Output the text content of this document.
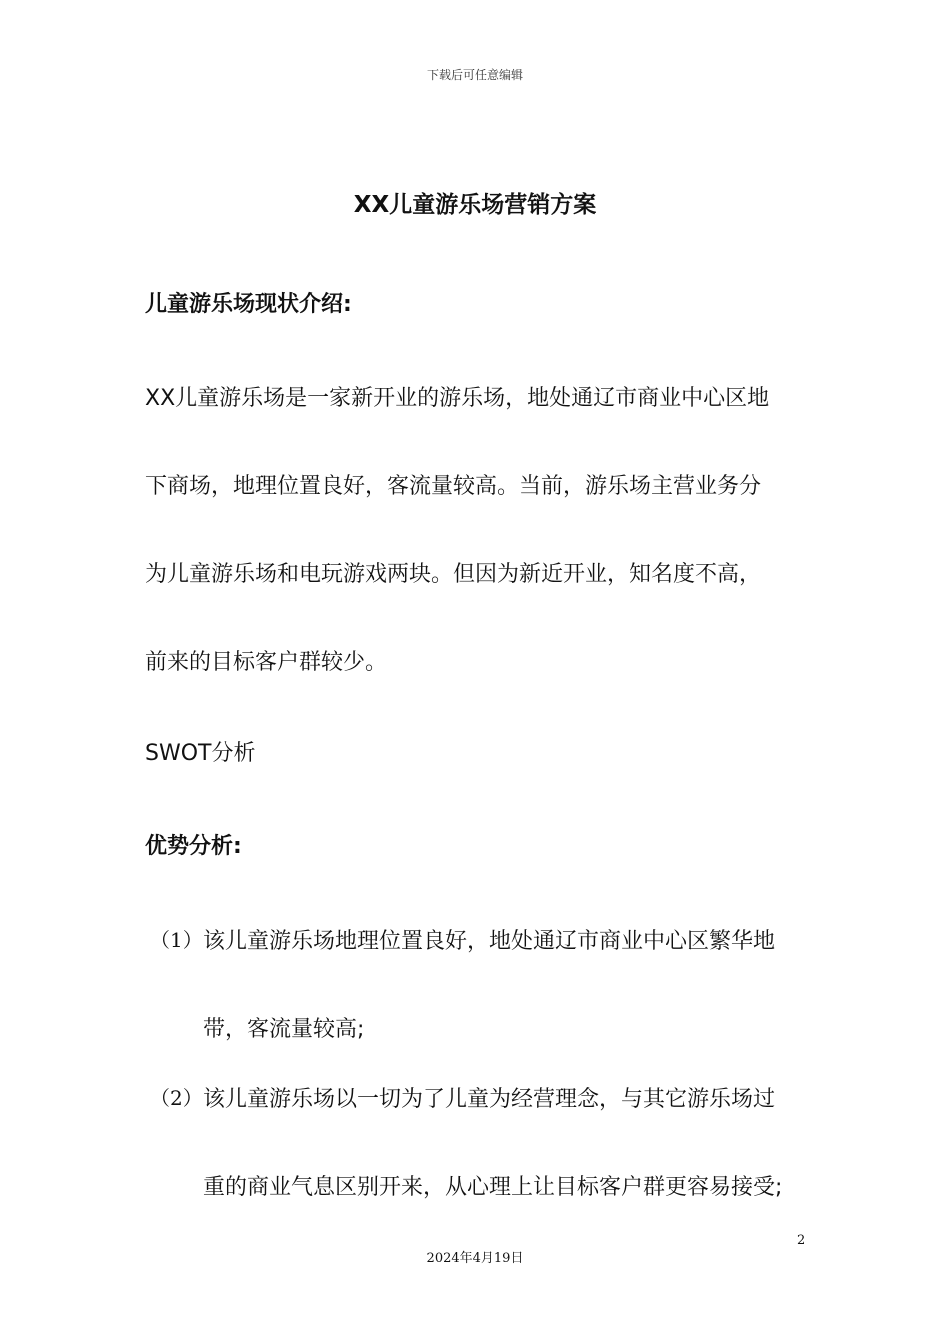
下载后可任意编辑
XX儿童游乐场营销方案
儿童游乐场现状介绍:
XX儿童游乐场是一家新开业的游乐场，地处通辽市商业中心区地
下商场，地理位置良好，客流量较高。当前，游乐场主营业务分
为儿童游乐场和电玩游戏两块。但因为新近开业，知名度不高，
前来的目标客户群较少。
SWOT分析
优势分析:
（1） 该儿童游乐场地理位置良好，地处通辽市商业中心区繁华地
带，客流量较高;
（2） 该儿童游乐场以一切为了儿童为经营理念，与其它游乐场过
重的商业气息区别开来，从心理上让目标客户群更容易接受;
2
2024年4月19日
